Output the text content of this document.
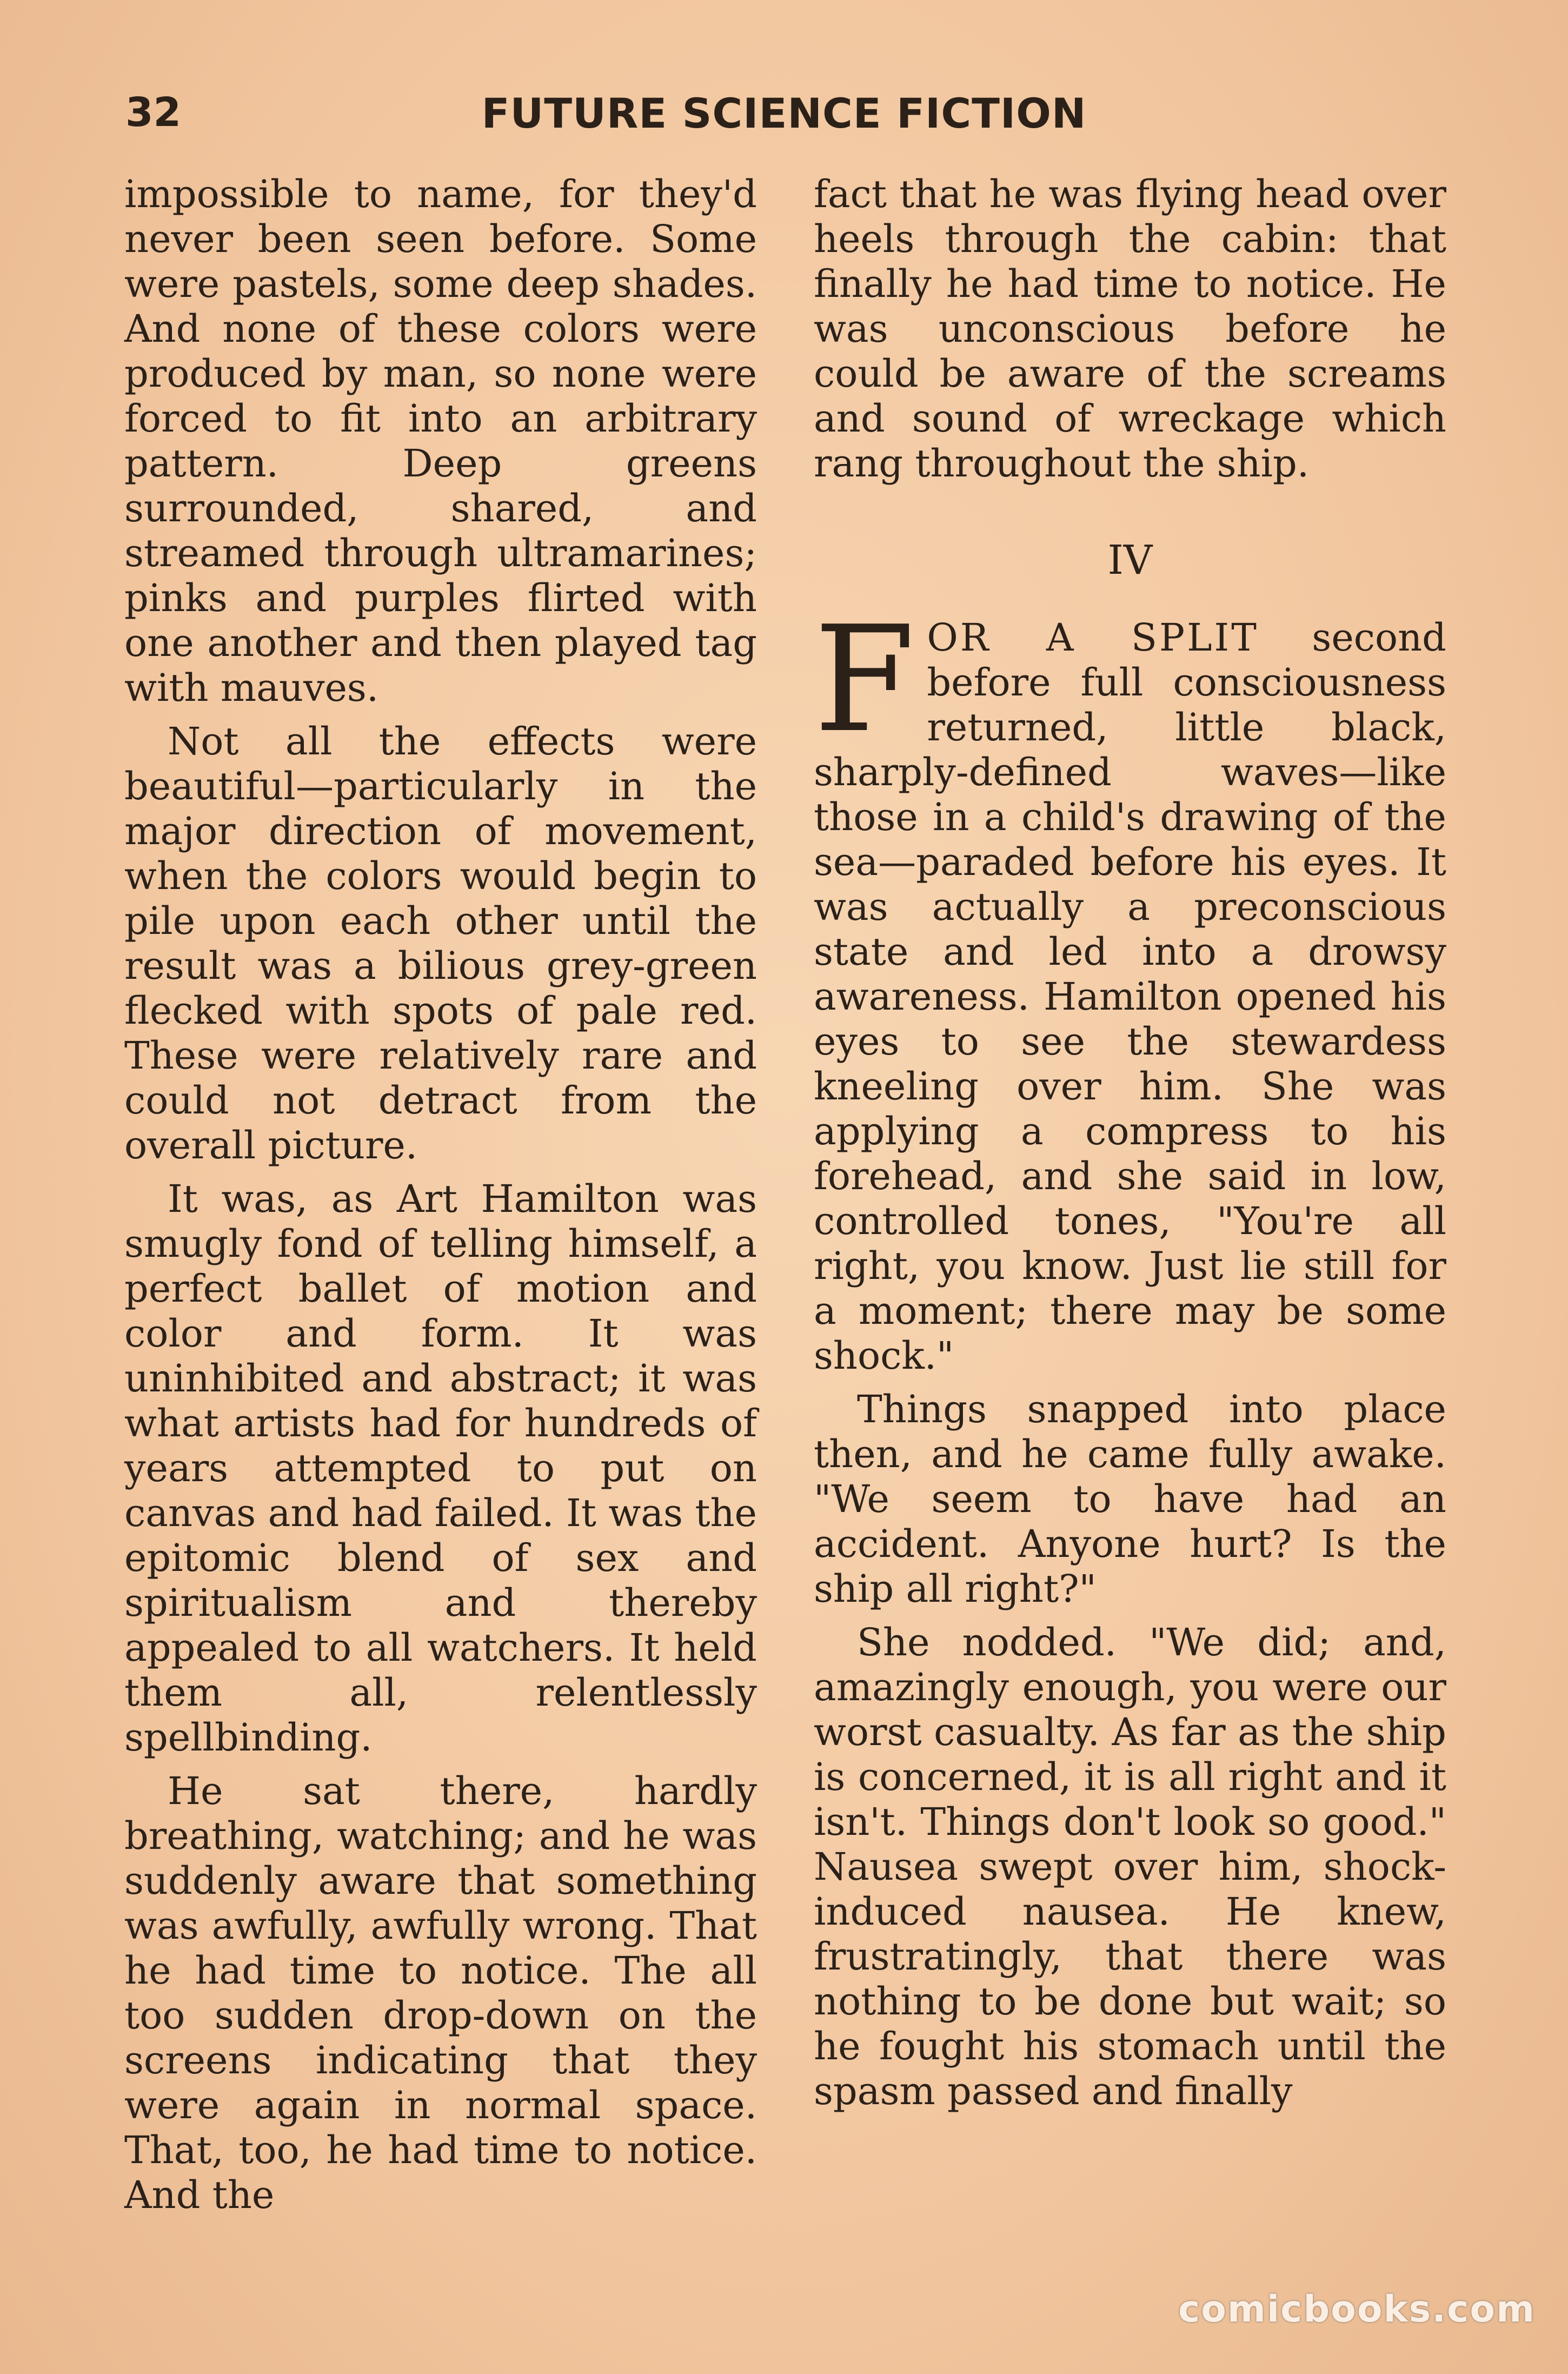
32	FUTURE SCIENCE FICTION

impossible to name, for they'd never been seen before. Some were pastels, some deep shades. And none of these colors were produced by man, so none were forced to fit into an arbitrary pattern. Deep greens surrounded, shared, and streamed through ultramarines; pinks and purples flirted with one another and then played tag with mauves.

Not all the effects were beautiful—particularly in the major direction of movement, when the colors would begin to pile upon each other until the result was a bilious grey-green flecked with spots of pale red. These were relatively rare and could not detract from the overall picture.

It was, as Art Hamilton was smugly fond of telling himself, a perfect ballet of motion and color and form. It was uninhibited and abstract; it was what artists had for hundreds of years attempted to put on canvas and had failed. It was the epitomic blend of sex and spiritualism and thereby appealed to all watchers. It held them all, relentlessly spellbinding.

He sat there, hardly breathing, watching; and he was suddenly aware that something was awfully, awfully wrong. That he had time to notice. The all too sudden drop-down on the screens indicating that they were again in normal space. That, too, he had time to notice. And the

fact that he was flying head over heels through the cabin: that finally he had time to notice. He was unconscious before he could be aware of the screams and sound of wreckage which rang throughout the ship.

IV

FOR A SPLIT second before full consciousness returned, little black, sharply-defined waves—like those in a child's drawing of the sea—paraded before his eyes. It was actually a preconscious state and led into a drowsy awareness. Hamilton opened his eyes to see the stewardess kneeling over him. She was applying a compress to his forehead, and she said in low, controlled tones, "You're all right, you know. Just lie still for a moment; there may be some shock."

Things snapped into place then, and he came fully awake. "We seem to have had an accident. Anyone hurt? Is the ship all right?"

She nodded. "We did; and, amazingly enough, you were our worst casualty. As far as the ship is concerned, it is all right and it isn't. Things don't look so good." Nausea swept over him, shock-induced nausea. He knew, frustratingly, that there was nothing to be done but wait; so he fought his stomach until the spasm passed and finally

comicbooks.com
